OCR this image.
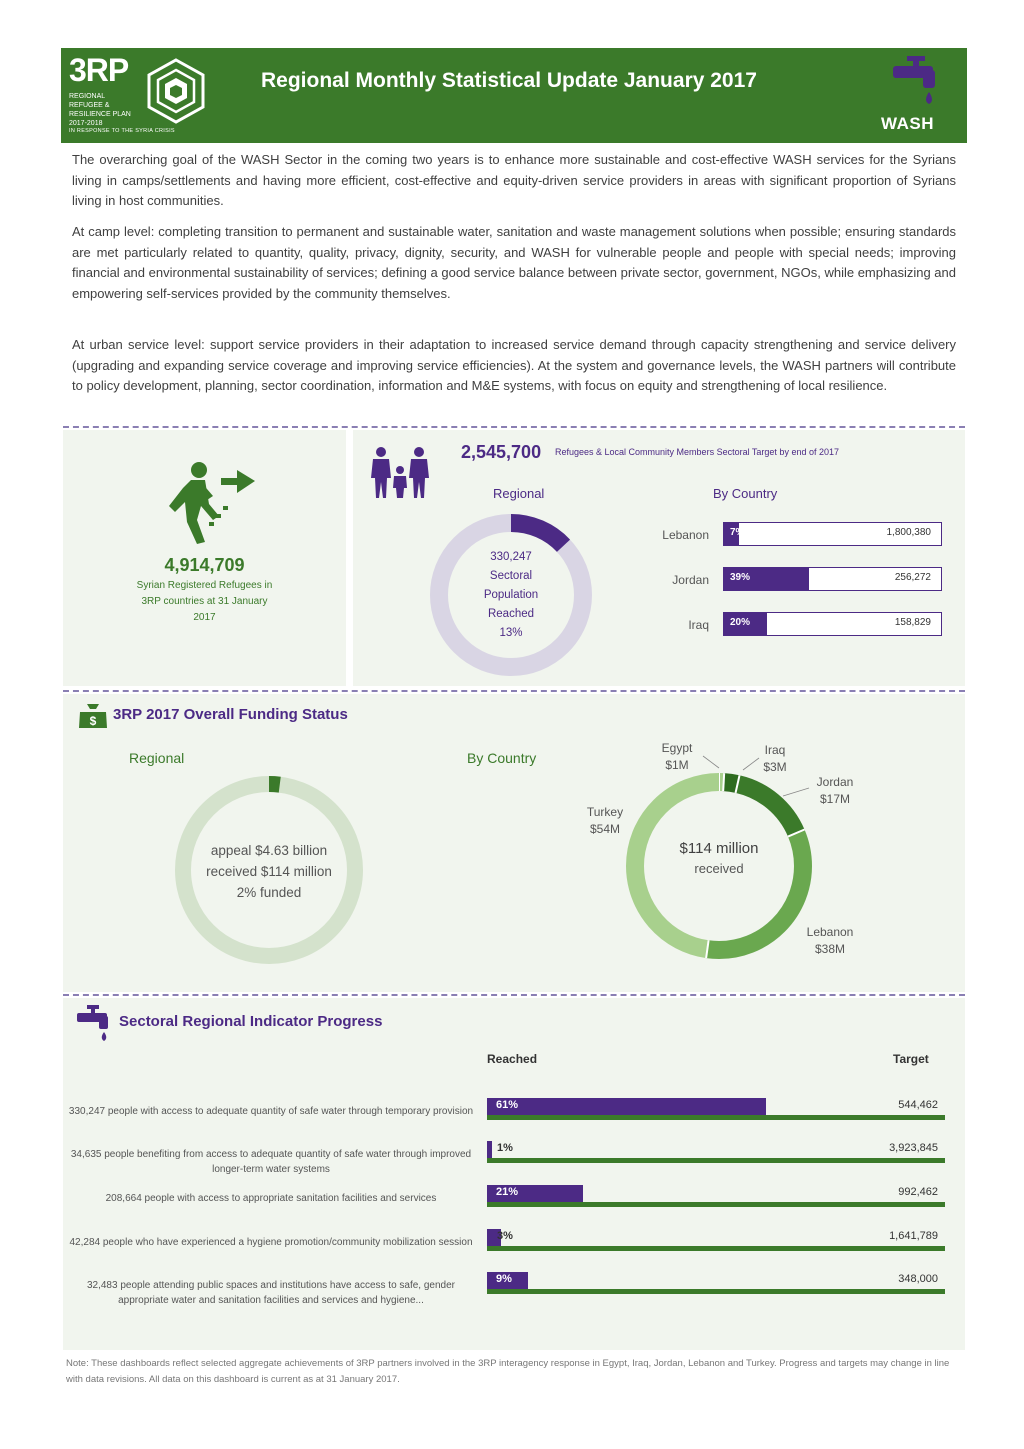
3RP
REGIONAL REFUGEE & RESILIENCE PLAN 2017-2018
IN RESPONSE TO THE SYRIA CRISIS
Regional Monthly Statistical Update January 2017
WASH

The overarching goal of the WASH Sector in the coming two years is to enhance more sustainable and cost-effective WASH services for the Syrians living in camps/settlements and having more efficient, cost-effective and equity-driven service providers in areas with significant proportion of Syrians living in host communities.

At camp level: completing transition to permanent and sustainable water, sanitation and waste management solutions when possible; ensuring standards are met particularly related to quantity, quality, privacy, dignity, security, and WASH for vulnerable people and people with special needs; improving financial and environmental sustainability of services; defining a good service balance between private sector, government, NGOs, while emphasizing and empowering self-services provided by the community themselves.

At urban service level: support service providers in their adaptation to increased service demand through capacity strengthening and service delivery (upgrading and expanding service coverage and improving service efficiencies). At the system and governance levels, the WASH partners will contribute to policy development, planning, sector coordination, information and M&E systems, with focus on equity and strengthening of local resilience.

4,914,709
Syrian Registered Refugees in 3RP countries at 31 January 2017
2,545,700 Refugees & Local Community Members Sectoral Target by end of 2017
Regional	By Country
330,247
Sectoral
Population
Reached
13%
Lebanon 7%	1,800,380
Jordan 39%	256,272
Iraq 20%	158,829
$ 3RP 2017 Overall Funding Status
Regional	By Country
appeal $4.63 billion
received $114 million
2% funded
$114 million
received
Egypt
$1M
Iraq
$3M
Jordan
$17M
Lebanon
$38M
Turkey
$54M
Sectoral Regional Indicator Progress
Reached	Target
330,247 people with access to adequate quantity of safe water through temporary provision
61%	544,462
34,635 people benefiting from access to adequate quantity of safe water through improved longer-term water systems
1%	3,923,845
208,664 people with access to appropriate sanitation facilities and services
21%	992,462
42,284 people who have experienced a hygiene promotion/community mobilization session
3%	1,641,789
32,483 people attending public spaces and institutions have access to safe, gender appropriate water and sanitation facilities and services and hygiene...
9%	348,000
Note: These dashboards reflect selected aggregate achievements of 3RP partners involved in the 3RP interagency response in Egypt, Iraq, Jordan, Lebanon and Turkey. Progress and targets may change in line with data revisions. All data on this dashboard is current as at 31 January 2017.
